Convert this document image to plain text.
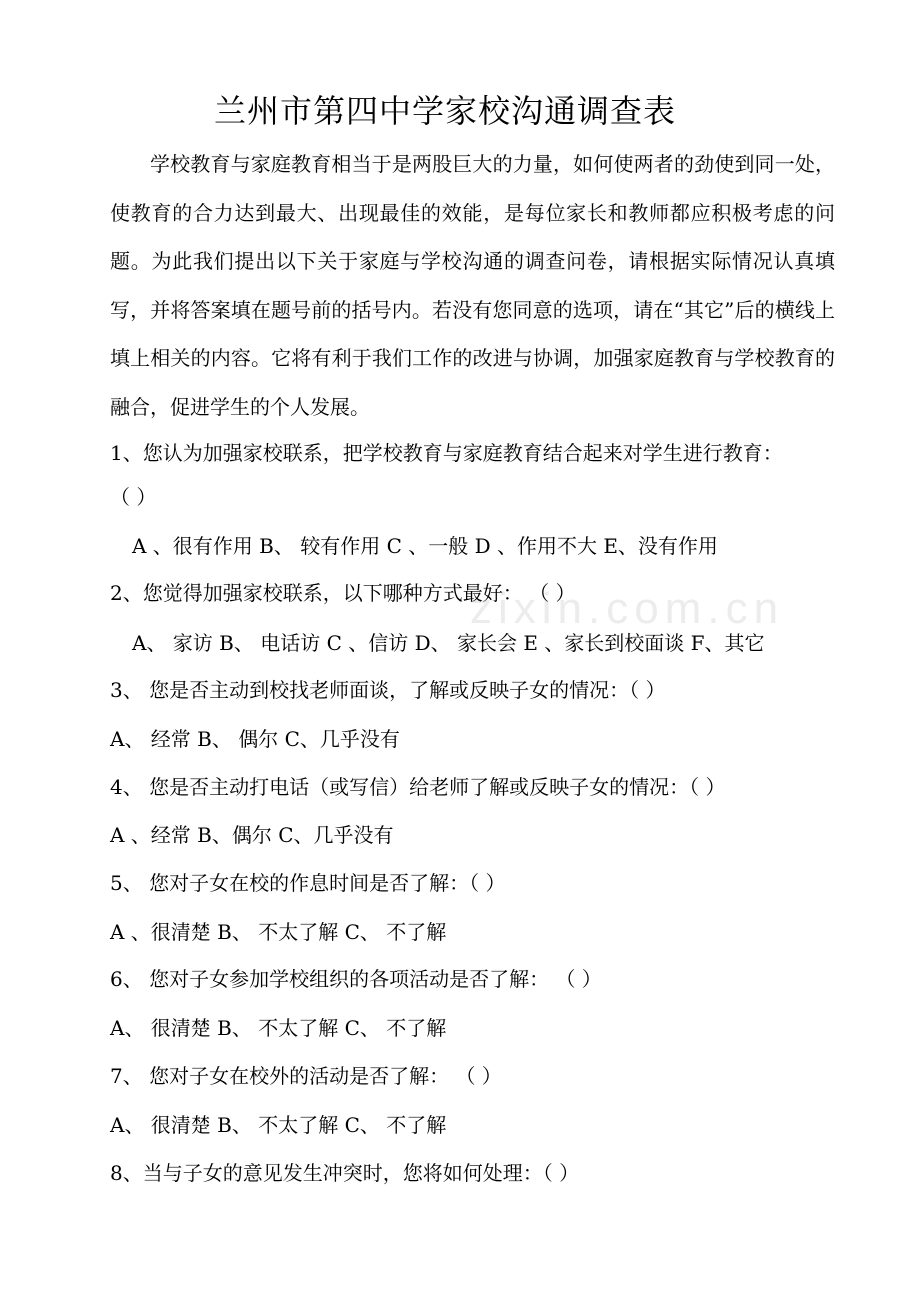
zixin.com.cn
兰州市第四中学家校沟通调查表
学校教育与家庭教育相当于是两股巨大的力量，如何使两者的劲使到同一处，使教育的合力达到最大、出现最佳的效能，是每位家长和教师都应积极考虑的问题。为此我们提出以下关于家庭与学校沟通的调查问卷，请根据实际情况认真填写，并将答案填在题号前的括号内。若没有您同意的选项，请在“其它”后的横线上填上相关的内容。它将有利于我们工作的改进与协调，加强家庭教育与学校教育的融合，促进学生的个人发展。
1、您认为加强家校联系，把学校教育与家庭教育结合起来对学生进行教育：
（ ）
A 、很有作用 B、 较有作用 C 、一般 D 、作用不大 E、没有作用
2、您觉得加强家校联系，以下哪种方式最好： （ ）
A、 家访 B、 电话访 C 、信访 D、 家长会 E 、家长到校面谈 F、其它
3、 您是否主动到校找老师面谈，了解或反映子女的情况：（ ）
A、 经常 B、 偶尔 C、几乎没有
4、 您是否主动打电话（或写信）给老师了解或反映子女的情况：（ ）
A 、经常 B、偶尔 C、几乎没有
5、 您对子女在校的作息时间是否了解：（ ）
A 、很清楚 B、 不太了解 C、 不了解
6、 您对子女参加学校组织的各项活动是否了解： （ ）
A、 很清楚 B、 不太了解 C、 不了解
7、 您对子女在校外的活动是否了解： （ ）
A、 很清楚 B、 不太了解 C、 不了解
8、当与子女的意见发生冲突时，您将如何处理：（ ）
